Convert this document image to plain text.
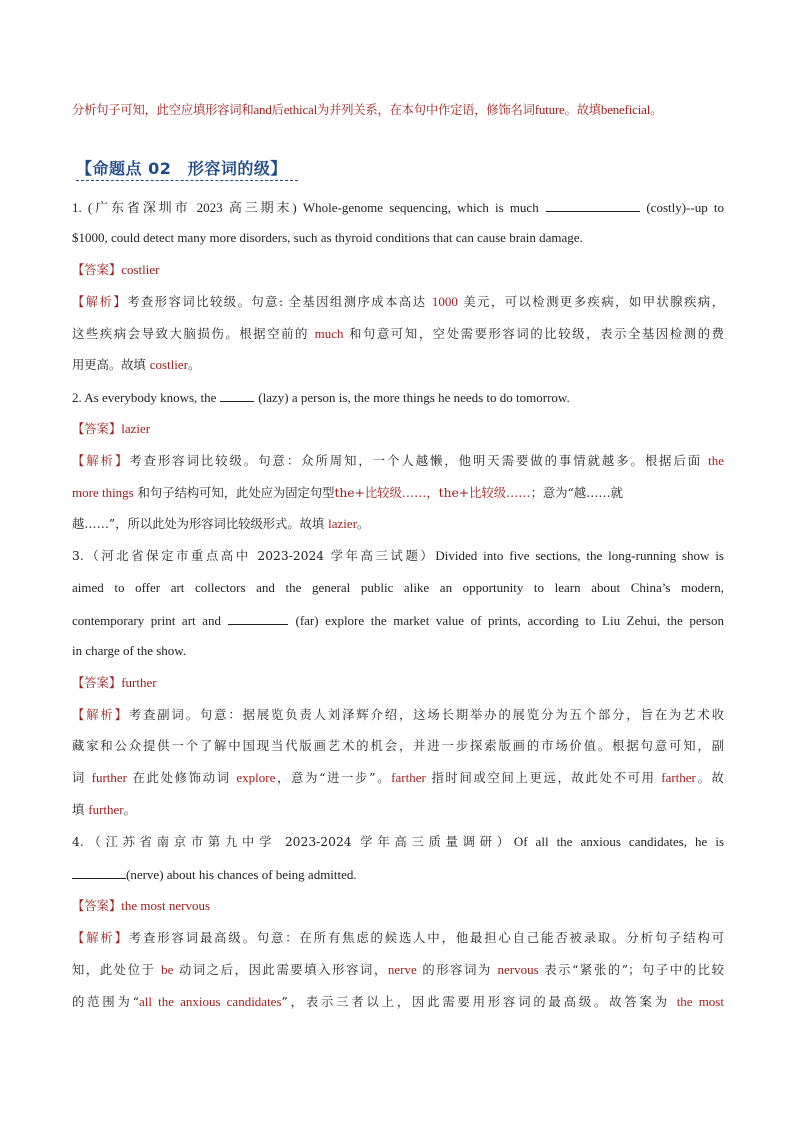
分析句子可知，此空应填形容词和and后ethical为并列关系，在本句中作定语，修饰名词future。故填beneficial。
【命题点 02　形容词的级】
1. (广东省深圳市 2023 高三期末) Whole-genome sequencing, which is much	(costly)--up to
$1000, could detect many more disorders, such as thyroid conditions that can cause brain damage.
【答案】costlier
【解析】考查形容词比较级。句意: 全基因组测序成本高达 1000 美元，可以检测更多疾病，如甲状腺疾病，
这些疾病会导致大脑损伤。根据空前的 much 和句意可知，空处需要形容词的比较级，表示全基因检测的费
用更高。故填 costlier。
2. As everybody knows, the	(lazy) a person is, the more things he needs to do tomorrow.
【答案】lazier
【解析】考查形容词比较级。句意：众所周知，一个人越懒，他明天需要做的事情就越多。根据后面 the
more things 和句子结构可知，此处应为固定句型the+比较级……，the+比较级……；意为“越……就
越……”，所以此处为形容词比较级形式。故填 lazier。
3.（河北省保定市重点高中 2023-2024 学年高三试题）Divided into five sections, the long-running show is
aimed to offer art collectors and the general public alike an opportunity to learn about China’s modern,
contemporary print art and	(far) explore the market value of prints, according to Liu Zehui, the person
in charge of the show.
【答案】further
【解析】考查副词。句意：据展览负责人刘泽辉介绍，这场长期举办的展览分为五个部分，旨在为艺术收
藏家和公众提供一个了解中国现当代版画艺术的机会，并进一步探索版画的市场价值。根据句意可知，副
词 further 在此处修饰动词 explore，意为“进一步”。farther 指时间或空间上更远，故此处不可用 farther。故
填 further。
4.（江苏省南京市第九中学 2023-2024 学年高三质量调研）Of all the anxious candidates, he is
(nerve) about his chances of being admitted.
【答案】the most nervous
【解析】考查形容词最高级。句意：在所有焦虑的候选人中，他最担心自己能否被录取。分析句子结构可
知，此处位于 be 动词之后，因此需要填入形容词，nerve 的形容词为 nervous 表示“紧张的”；句子中的比较
的范围为“all the anxious candidates”，表示三者以上，因此需要用形容词的最高级。故答案为 the most
